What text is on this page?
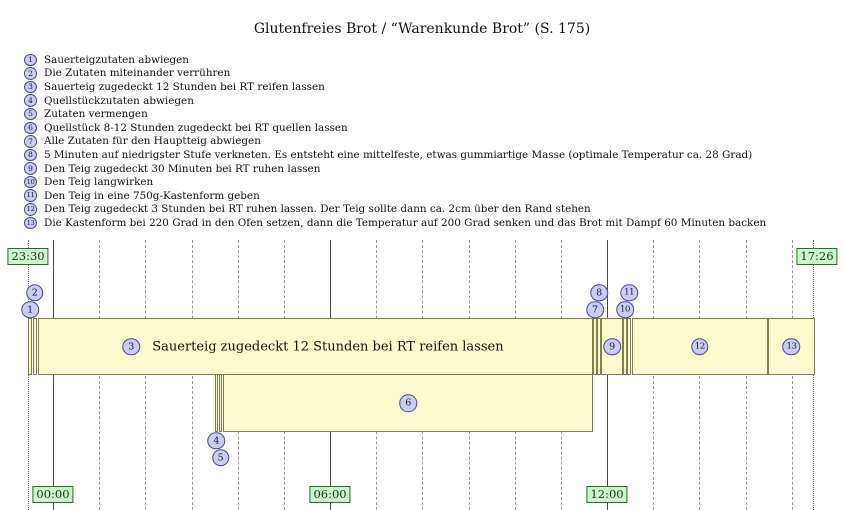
Glutenfreies Brot / “Warenkunde Brot” (S. 175)
1	Sauerteigzutaten abwiegen
2	Die Zutaten miteinander verrühren
3	Sauerteig zugedeckt 12 Stunden bei RT reifen lassen
4	Quellstückzutaten abwiegen
5	Zutaten vermengen
6	Quellstück 8-12 Stunden zugedeckt bei RT quellen lassen
7	Alle Zutaten für den Hauptteig abwiegen
8	5 Minuten auf niedrigster Stufe verkneten. Es entsteht eine mittelfeste, etwas gummiartige Masse (optimale Temperatur ca. 28 Grad)
9	Den Teig zugedeckt 30 Minuten bei RT ruhen lassen
10 Den Teig langwirken
11 Den Teig in eine 750g-Kastenform geben
12 Den Teig zugedeckt 3 Stunden bei RT ruhen lassen. Der Teig sollte dann ca. 2cm über den Rand stehen
13 Die Kastenform bei 220 Grad in den Ofen setzen, dann die Temperatur auf 200 Grad senken und das Brot mit Dampf 60 Minuten backen
1
2
3	Sauerteig zugedeckt 12 Stunden bei RT reifen lassen
4
5
6
7
8
9
10
11
12	13
23:30	17:26
00:00	06:00	12:00
